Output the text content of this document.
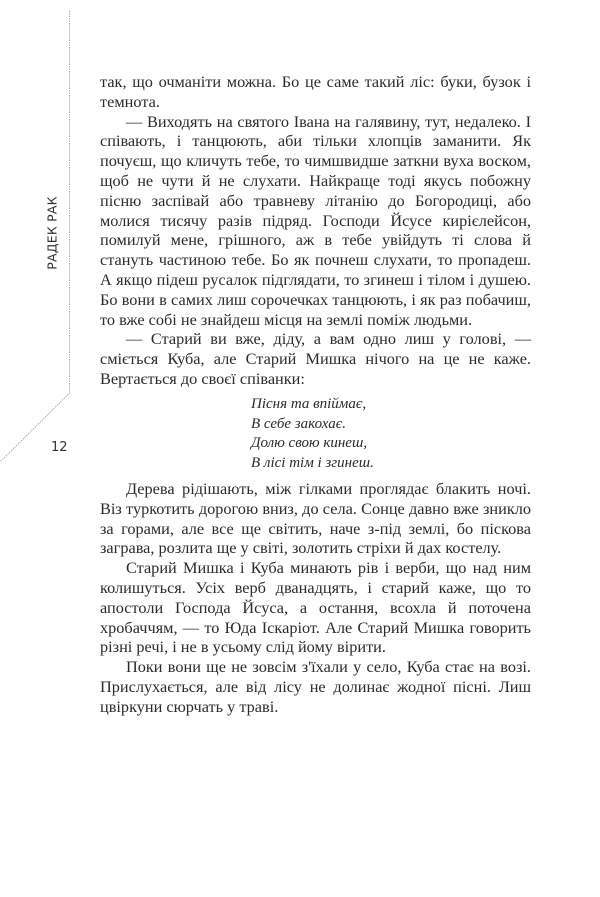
РАДЕК РАК
12

так, що очманіти можна. Бо це саме такий ліс: буки, бузок і темнота.

— Виходять на святого Івана на галявину, тут, недалеко. І співають, і танцюють, аби тільки хлопців заманити. Як почуєш, що кличуть тебе, то чимшвидше заткни вуха воском, щоб не чути й не слухати. Найкраще тоді якусь побожну пісню заспівай або травневу літанію до Богородиці, або молися тисячу разів підряд. Господи Йсусе кирієлейсон, помилуй мене, грішного, аж в тебе увійдуть ті слова й стануть частиною тебе. Бо як почнеш слухати, то пропадеш. А якщо підеш русалок підглядати, то згинеш і тілом і душею. Бо вони в самих лиш сорочечках танцюють, і як раз побачиш, то вже собі не знайдеш місця на землі поміж людьми.

— Старий ви вже, діду, а вам одно лиш у голові, — сміється Куба, але Старий Мишка нічого на це не каже. Вертається до своєї співанки:

Пісня та впіймає,
В себе закохає.
Долю свою кинеш,
В лісі тім і згинеш.

Дерева рідішають, між гілками проглядає блакить ночі. Віз туркотить дорогою вниз, до села. Сонце давно вже зникло за горами, але все ще світить, наче з-під землі, бо піскова заграва, розлита ще у світі, золотить стріхи й дах костелу.

Старий Мишка і Куба минають рів і верби, що над ним колишуться. Усіх верб дванадцять, і старий каже, що то апостоли Господа Йсуса, а остання, всохла й поточена хробаччям, — то Юда Іскаріот. Але Старий Мишка говорить різні речі, і не в усьому слід йому вірити.

Поки вони ще не зовсім з'їхали у село, Куба стає на возі. Прислухається, але від лісу не долинає жодної пісні. Лиш цвіркуни сюрчать у траві.
